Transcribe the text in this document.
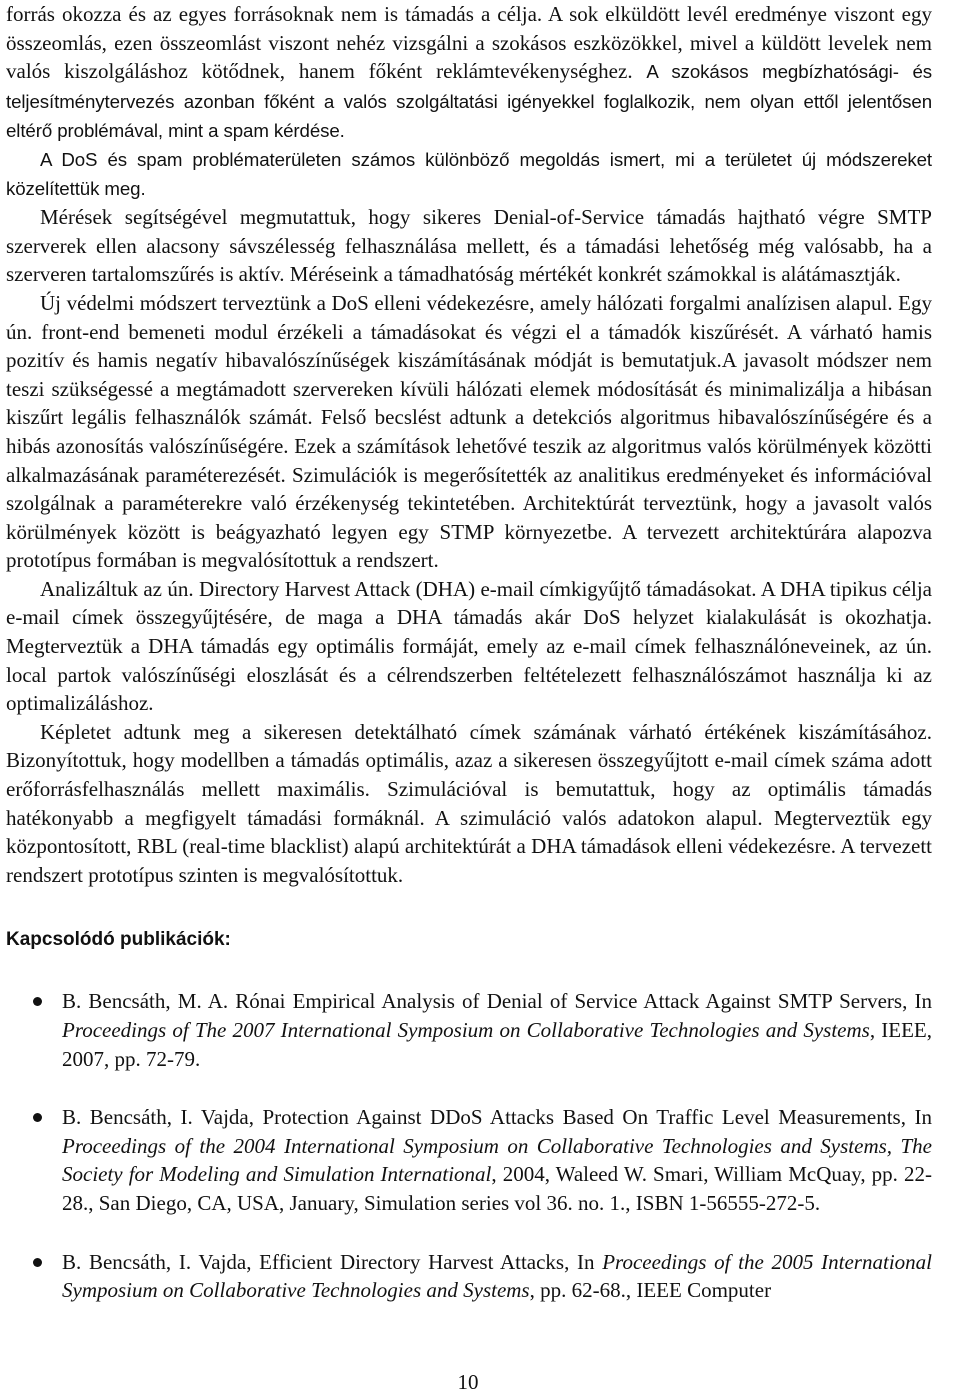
forrás okozza és az egyes forrásoknak nem is támadás a célja. A sok elküldött levél eredménye viszont egy összeomlás, ezen összeomlást viszont nehéz vizsgálni a szokásos eszközökkel, mivel a küldött levelek nem valós kiszolgáláshoz kötődnek, hanem főként reklámtevékenységhez. A szokásos megbízhatósági- és teljesítménytervezés azonban főként a valós szolgáltatási igényekkel foglalkozik, nem olyan ettől jelentősen eltérő problémával, mint a spam kérdése.

A DoS és spam problématerületen számos különböző megoldás ismert, mi a területet új módszereket közelítettük meg.

Mérések segítségével megmutattuk, hogy sikeres Denial-of-Service támadás hajtható végre SMTP szerverek ellen alacsony sávszélesség felhasználása mellett, és a támadási lehetőség még valósabb, ha a szerveren tartalomszűrés is aktív. Méréseink a támadhatóság mértékét konkrét számokkal is alátámasztják.

Új védelmi módszert terveztünk a DoS elleni védekezésre, amely hálózati forgalmi analízisen alapul. Egy ún. front-end bemeneti modul érzékeli a támadásokat és végzi el a támadók kiszűrését. A várható hamis pozitív és hamis negatív hibavalószínűségek kiszámításának módját is bemutatjuk.A javasolt módszer nem teszi szükségessé a megtámadott szervereken kívüli hálózati elemek módosítását és minimalizálja a hibásan kiszűrt legális felhasználók számát. Felső becslést adtunk a detekciós algoritmus hibavalószínűségére és a hibás azonosítás valószínűségére. Ezek a számítások lehetővé teszik az algoritmus valós körülmények közötti alkalmazásának paraméterezését. Szimulációk is megerősítették az analitikus eredményeket és információval szolgálnak a paraméterekre való érzékenység tekintetében. Architektúrát terveztünk, hogy a javasolt valós körülmények között is beágyazható legyen egy STMP környezetbe. A tervezett architektúrára alapozva prototípus formában is megvalósítottuk a rendszert.

Analizáltuk az ún. Directory Harvest Attack (DHA) e-mail címkigyűjtő támadásokat. A DHA tipikus célja e-mail címek összegyűjtésére, de maga a DHA támadás akár DoS helyzet kialakulását is okozhatja. Megterveztük a DHA támadás egy optimális formáját, emely az e-mail címek felhasználóneveinek, az ún. local partok valószínűségi eloszlását és a célrendszerben feltételezett felhasználószámot használja ki az optimalizáláshoz.

Képletet adtunk meg a sikeresen detektálható címek számának várható értékének kiszámításához. Bizonyítottuk, hogy modellben a támadás optimális, azaz a sikeresen összegyűjtott e-mail címek száma adott erőforrásfelhasználás mellett maximális. Szimulációval is bemutattuk, hogy az optimális támadás hatékonyabb a megfigyelt támadási formáknál. A szimuláció valós adatokon alapul. Megterveztük egy központosított, RBL (real-time blacklist) alapú architektúrát a DHA támadások elleni védekezésre. A tervezett rendszert prototípus szinten is megvalósítottuk.

Kapcsolódó publikációk:
B. Bencsáth, M. A. Rónai Empirical Analysis of Denial of Service Attack Against SMTP Servers, In Proceedings of The 2007 International Symposium on Collaborative Technologies and Systems, IEEE, 2007, pp. 72-79.
B. Bencsáth, I. Vajda, Protection Against DDoS Attacks Based On Traffic Level Measurements, In Proceedings of the 2004 International Symposium on Collaborative Technologies and Systems, The Society for Modeling and Simulation International, 2004, Waleed W. Smari, William McQuay, pp. 22-28., San Diego, CA, USA, January, Simulation series vol 36. no. 1., ISBN 1-56555-272-5.
B. Bencsáth, I. Vajda, Efficient Directory Harvest Attacks, In Proceedings of the 2005 International Symposium on Collaborative Technologies and Systems, pp. 62-68., IEEE Computer
10
